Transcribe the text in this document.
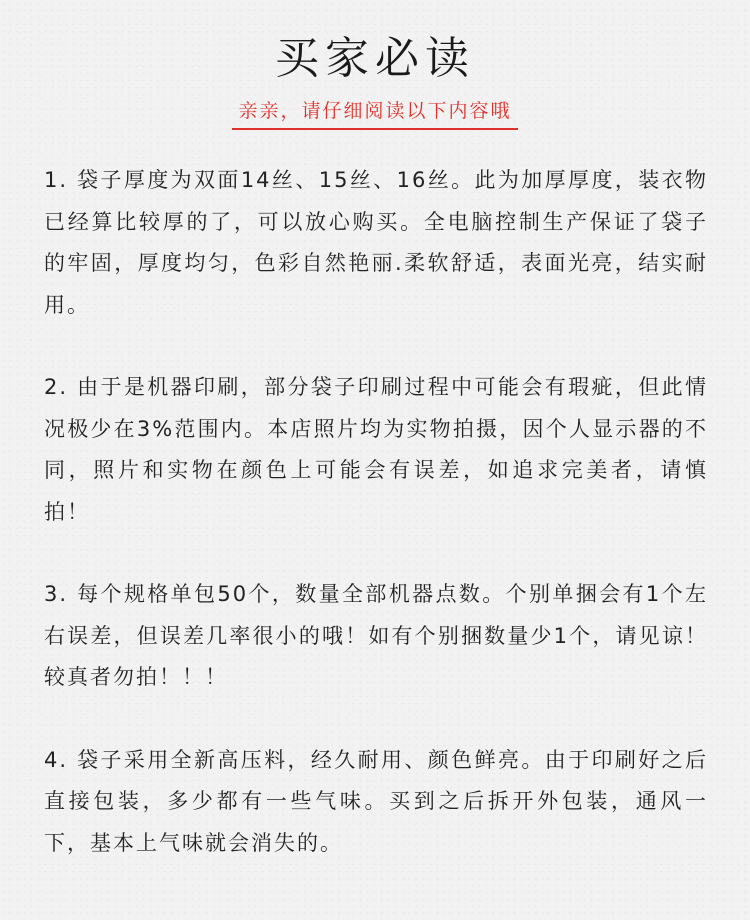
买家必读
亲亲，请仔细阅读以下内容哦

1. 袋子厚度为双面14丝、15丝、16丝。此为加厚厚度，装衣物已经算比较厚的了，可以放心购买。全电脑控制生产保证了袋子的牢固，厚度均匀，色彩自然艳丽.柔软舒适，表面光亮，结实耐用。

2. 由于是机器印刷，部分袋子印刷过程中可能会有瑕疵，但此情况极少在3%范围内。本店照片均为实物拍摄，因个人显示器的不同，照片和实物在颜色上可能会有误差，如追求完美者，请慎拍！

3. 每个规格单包50个，数量全部机器点数。个别单捆会有1个左右误差，但误差几率很小的哦！如有个别捆数量少1个，请见谅！较真者勿拍！！！

4. 袋子采用全新高压料，经久耐用、颜色鲜亮。由于印刷好之后直接包装，多少都有一些气味。买到之后拆开外包装，通风一下，基本上气味就会消失的。
